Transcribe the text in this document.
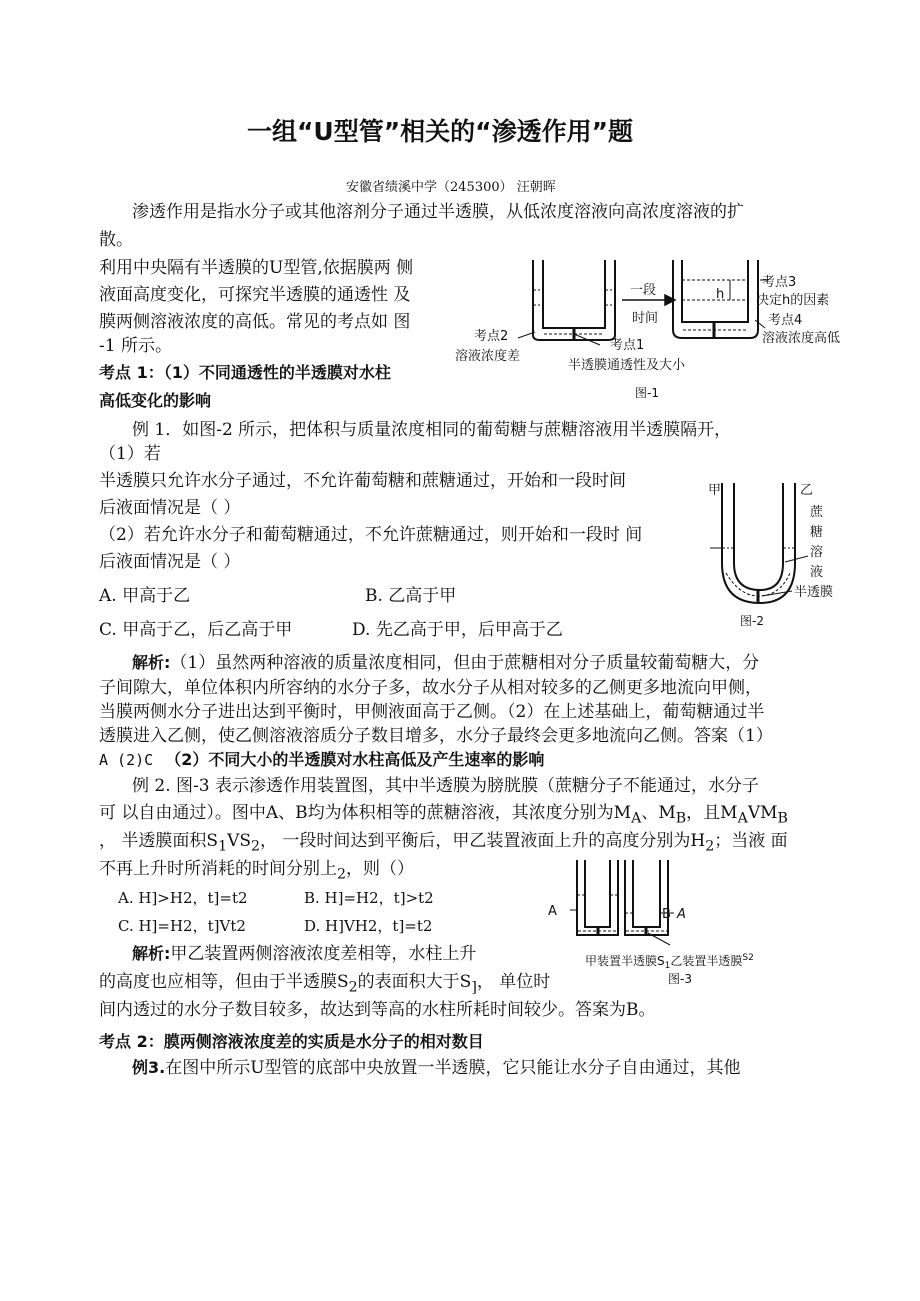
一组“U型管”相关的“渗透作用”题
安徽省绩溪中学（245300） 汪朝晖
渗透作用是指水分子或其他溶剂分子通过半透膜，从低浓度溶液向高浓度溶液的扩
散。
利用中央隔有半透膜的U型管,依据膜两 侧
液面高度变化，可探究半透膜的通透性 及
膜两侧溶液浓度的高低。常见的考点如 图
-1 所示。
考点 1：（1）不同通透性的半透膜对水柱
高低变化的影响
一段
时间
h
考点3
决定h的因素
考点4
溶液浓度高低
考点2
溶液浓度差
考点1
半透膜通透性及大小
图-1
例 1．如图-2 所示，把体积与质量浓度相同的葡萄糖与蔗糖溶液用半透膜隔开，
（1）若
半透膜只允许水分子通过，不允许葡萄糖和蔗糖通过，开始和一段时间
后液面情况是（ ）
（2）若允许水分子和葡萄糖通过，不允许蔗糖通过，则开始和一段时 间
后液面情况是（ ）
A. 甲高于乙	B. 乙高于甲
C. 甲高于乙，后乙高于甲	D. 先乙高于甲，后甲高于乙
甲	乙
蔗
糖
溶
液
半透膜
图-2
解析:（1）虽然两种溶液的质量浓度相同，但由于蔗糖相对分子质量较葡萄糖大，分
子间隙大，单位体积内所容纳的水分子多，故水分子从相对较多的乙侧更多地流向甲侧，
当膜两侧水分子进出达到平衡时，甲侧液面高于乙侧。（2）在上述基础上，葡萄糖通过半
透膜进入乙侧，使乙侧溶液溶质分子数目增多，水分子最终会更多地流向乙侧。答案（1）
A (2)C （2）不同大小的半透膜对水柱高低及产生速率的影响
例 2. 图-3 表示渗透作用装置图，其中半透膜为膀胱膜（蔗糖分子不能通过，水分子
可 以自由通过）。图中A、B均为体积相等的蔗糖溶液，其浓度分别为$M_A$、$M_B$，且$M_AVM_B$
， 半透膜面积$S_1VS_2$， 一段时间达到平衡后，甲乙装置液面上升的高度分别为$H_2$；当液 面
不再上升时所消耗的时间分别上$_2$，则（）
A. H]>H2，t]=t2	B. H]=H2，t]>t2
C. H]=H2，t]Vt2	D. H]VH2，t]=t2
解析:甲乙装置两侧溶液浓度差相等，水柱上升
的高度也应相等，但由于半透膜$S_2$的表面积大于$S_]$， 单位时
间内透过的水分子数目较多，故达到等高的水柱所耗时间较少。答案为B。
A	B A
甲装置半透膜$S_1$乙装置半透膜$^{S2}$
图-3
考点 2：膜两侧溶液浓度差的实质是水分子的相对数目
例3.在图中所示U型管的底部中央放置一半透膜，它只能让水分子自由通过，其他
